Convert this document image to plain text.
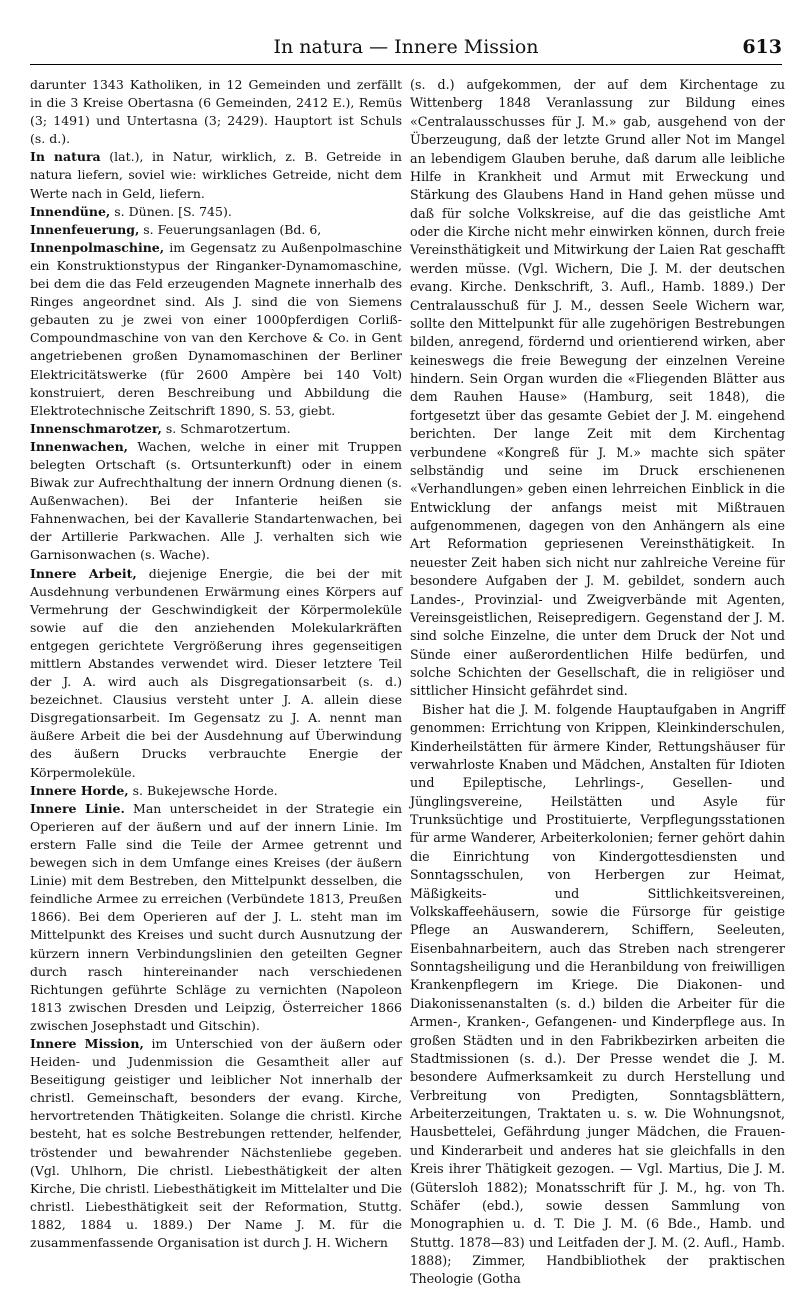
In natura — Innere Mission	613

darunter 1343 Katholiken, in 12 Gemeinden und zerfällt in die 3 Kreise Obertasna (6 Gemeinden, 2412 E.), Remüs (3; 1491) und Untertasna (3; 2429). Hauptort ist Schuls (s. d.).

In natura (lat.), in Natur, wirklich, z. B. Getreide in natura liefern, soviel wie: wirkliches Getreide, nicht dem Werte nach in Geld, liefern.

Innendüne, s. Dünen. [S. 745).

Innenfeuerung, s. Feuerungsanlagen (Bd. 6,

Innenpolmaschine, im Gegensatz zu Außenpolmaschine ein Konstruktionstypus der Ringanker-Dynamomaschine, bei dem die das Feld erzeugenden Magnete innerhalb des Ringes angeordnet sind. Als J. sind die von Siemens gebauten zu je zwei von einer 1000pferdigen Corliß-Compoundmaschine von van den Kerchove & Co. in Gent angetriebenen großen Dynamomaschinen der Berliner Elektricitätswerke (für 2600 Ampère bei 140 Volt) konstruiert, deren Beschreibung und Abbildung die Elektrotechnische Zeitschrift 1890, S. 53, giebt.

Innenschmarotzer, s. Schmarotzertum.

Innenwachen, Wachen, welche in einer mit Truppen belegten Ortschaft (s. Ortsunterkunft) oder in einem Biwak zur Aufrechthaltung der innern Ordnung dienen (s. Außenwachen). Bei der Infanterie heißen sie Fahnenwachen, bei der Kavallerie Standartenwachen, bei der Artillerie Parkwachen. Alle J. verhalten sich wie Garnisonwachen (s. Wache).

Innere Arbeit, diejenige Energie, die bei der mit Ausdehnung verbundenen Erwärmung eines Körpers auf Vermehrung der Geschwindigkeit der Körpermoleküle sowie auf die den anziehenden Molekularkräften entgegen gerichtete Vergrößerung ihres gegenseitigen mittlern Abstandes verwendet wird. Dieser letztere Teil der J. A. wird auch als Disgregationsarbeit (s. d.) bezeichnet. Clausius versteht unter J. A. allein diese Disgregationsarbeit. Im Gegensatz zu J. A. nennt man äußere Arbeit die bei der Ausdehnung auf Überwindung des äußern Drucks verbrauchte Energie der Körpermoleküle.

Innere Horde, s. Bukejewsche Horde.

Innere Linie. Man unterscheidet in der Strategie ein Operieren auf der äußern und auf der innern Linie. Im erstern Falle sind die Teile der Armee getrennt und bewegen sich in dem Umfange eines Kreises (der äußern Linie) mit dem Bestreben, den Mittelpunkt desselben, die feindliche Armee zu erreichen (Verbündete 1813, Preußen 1866). Bei dem Operieren auf der J. L. steht man im Mittelpunkt des Kreises und sucht durch Ausnutzung der kürzern innern Verbindungslinien den geteilten Gegner durch rasch hintereinander nach verschiedenen Richtungen geführte Schläge zu vernichten (Napoleon 1813 zwischen Dresden und Leipzig, Österreicher 1866 zwischen Josephstadt und Gitschin).

Innere Mission, im Unterschied von der äußern oder Heiden- und Judenmission die Gesamtheit aller auf Beseitigung geistiger und leiblicher Not innerhalb der christl. Gemeinschaft, besonders der evang. Kirche, hervortretenden Thätigkeiten. Solange die christl. Kirche besteht, hat es solche Bestrebungen rettender, helfender, tröstender und bewahrender Nächstenliebe gegeben. (Vgl. Uhlhorn, Die christl. Liebesthätigkeit der alten Kirche, Die christl. Liebesthätigkeit im Mittelalter und Die christl. Liebesthätigkeit seit der Reformation, Stuttg. 1882, 1884 u. 1889.) Der Name J. M. für die zusammenfassende Organisation ist durch J. H. Wichern

(s. d.) aufgekommen, der auf dem Kirchentage zu Wittenberg 1848 Veranlassung zur Bildung eines «Centralausschusses für J. M.» gab, ausgehend von der Überzeugung, daß der letzte Grund aller Not im Mangel an lebendigem Glauben beruhe, daß darum alle leibliche Hilfe in Krankheit und Armut mit Erweckung und Stärkung des Glaubens Hand in Hand gehen müsse und daß für solche Volkskreise, auf die das geistliche Amt oder die Kirche nicht mehr einwirken können, durch freie Vereinsthätigkeit und Mitwirkung der Laien Rat geschafft werden müsse. (Vgl. Wichern, Die J. M. der deutschen evang. Kirche. Denkschrift, 3. Aufl., Hamb. 1889.) Der Centralausschuß für J. M., dessen Seele Wichern war, sollte den Mittelpunkt für alle zugehörigen Bestrebungen bilden, anregend, fördernd und orientierend wirken, aber keineswegs die freie Bewegung der einzelnen Vereine hindern. Sein Organ wurden die «Fliegenden Blätter aus dem Rauhen Hause» (Hamburg, seit 1848), die fortgesetzt über das gesamte Gebiet der J. M. eingehend berichten. Der lange Zeit mit dem Kirchentag verbundene «Kongreß für J. M.» machte sich später selbständig und seine im Druck erschienenen «Verhandlungen» geben einen lehrreichen Einblick in die Entwicklung der anfangs meist mit Mißtrauen aufgenommenen, dagegen von den Anhängern als eine Art Reformation gepriesenen Vereinsthätigkeit. In neuester Zeit haben sich nicht nur zahlreiche Vereine für besondere Aufgaben der J. M. gebildet, sondern auch Landes-, Provinzial- und Zweigverbände mit Agenten, Vereinsgeistlichen, Reisepredigern. Gegenstand der J. M. sind solche Einzelne, die unter dem Druck der Not und Sünde einer außerordentlichen Hilfe bedürfen, und solche Schichten der Gesellschaft, die in religiöser und sittlicher Hinsicht gefährdet sind.

Bisher hat die J. M. folgende Hauptaufgaben in Angriff genommen: Errichtung von Krippen, Kleinkinderschulen, Kinderheilstätten für ärmere Kinder, Rettungshäuser für verwahrloste Knaben und Mädchen, Anstalten für Idioten und Epileptische, Lehrlings-, Gesellen- und Jünglingsvereine, Heilstätten und Asyle für Trunksüchtige und Prostituierte, Verpflegungsstationen für arme Wanderer, Arbeiterkolonien; ferner gehört dahin die Einrichtung von Kindergottesdiensten und Sonntagsschulen, von Herbergen zur Heimat, Mäßigkeits- und Sittlichkeitsvereinen, Volkskaffeehäusern, sowie die Fürsorge für geistige Pflege an Auswanderern, Schiffern, Seeleuten, Eisenbahnarbeitern, auch das Streben nach strengerer Sonntagsheiligung und die Heranbildung von freiwilligen Krankenpflegern im Kriege. Die Diakonen- und Diakonissenanstalten (s. d.) bilden die Arbeiter für die Armen-, Kranken-, Gefangenen- und Kinderpflege aus. In großen Städten und in den Fabrikbezirken arbeiten die Stadtmissionen (s. d.). Der Presse wendet die J. M. besondere Aufmerksamkeit zu durch Herstellung und Verbreitung von Predigten, Sonntagsblättern, Arbeiterzeitungen, Traktaten u. s. w. Die Wohnungsnot, Hausbettelei, Gefährdung junger Mädchen, die Frauen- und Kinderarbeit und anderes hat sie gleichfalls in den Kreis ihrer Thätigkeit gezogen. — Vgl. Martius, Die J. M. (Gütersloh 1882); Monatsschrift für J. M., hg. von Th. Schäfer (ebd.), sowie dessen Sammlung von Monographien u. d. T. Die J. M. (6 Bde., Hamb. und Stuttg. 1878—83) und Leitfaden der J. M. (2. Aufl., Hamb. 1888); Zimmer, Handbibliothek der praktischen Theologie (Gotha
